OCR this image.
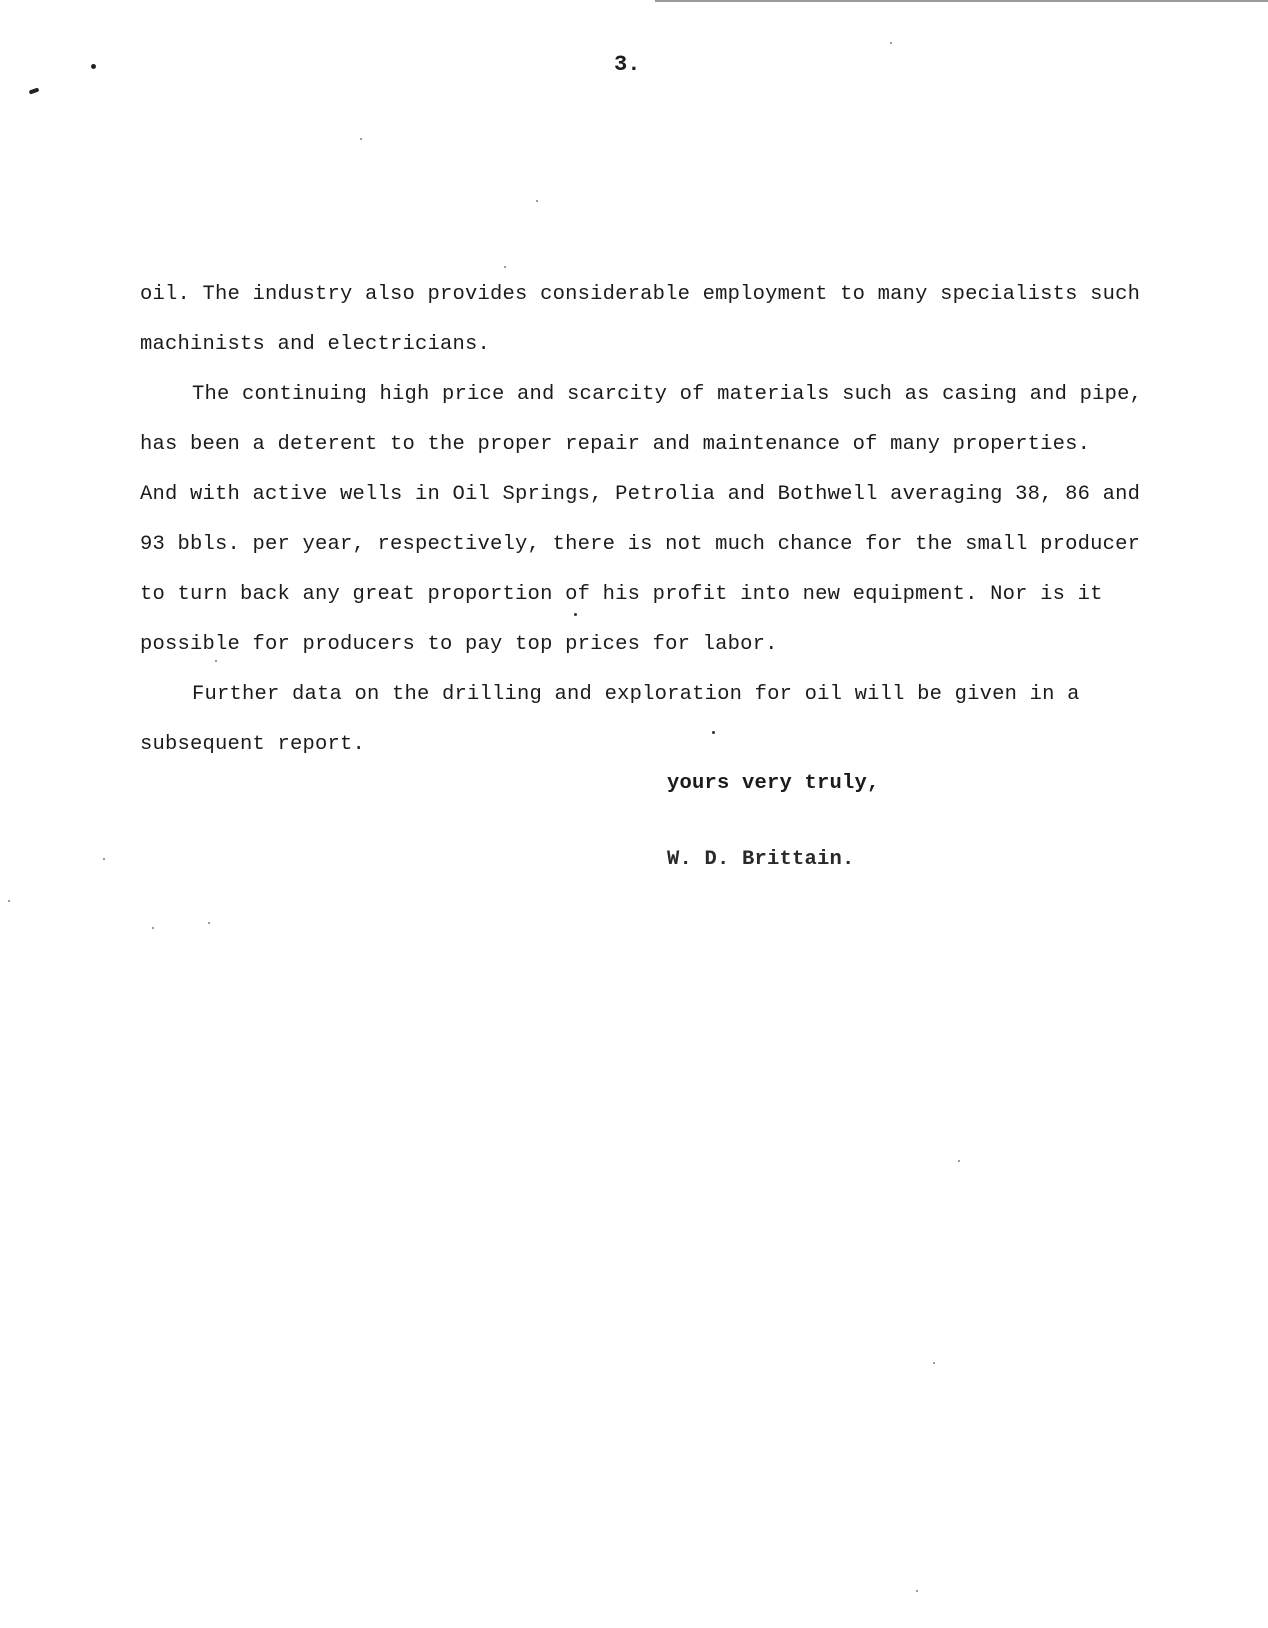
3.
oil. The industry also provides considerable employment to many specialists such
machinists and electricians.
The continuing high price and scarcity of materials such as casing and pipe,
has been a deterent to the proper repair and maintenance of many properties.
And with active wells in Oil Springs, Petrolia and Bothwell averaging 38, 86 and
93 bbls. per year, respectively, there is not much chance for the small producer
to turn back any great proportion of his profit into new equipment. Nor is it
possible for producers to pay top prices for labor.
Further data on the drilling and exploration for oil will be given in a
subsequent report.
yours very truly,
W. D. Brittain.
